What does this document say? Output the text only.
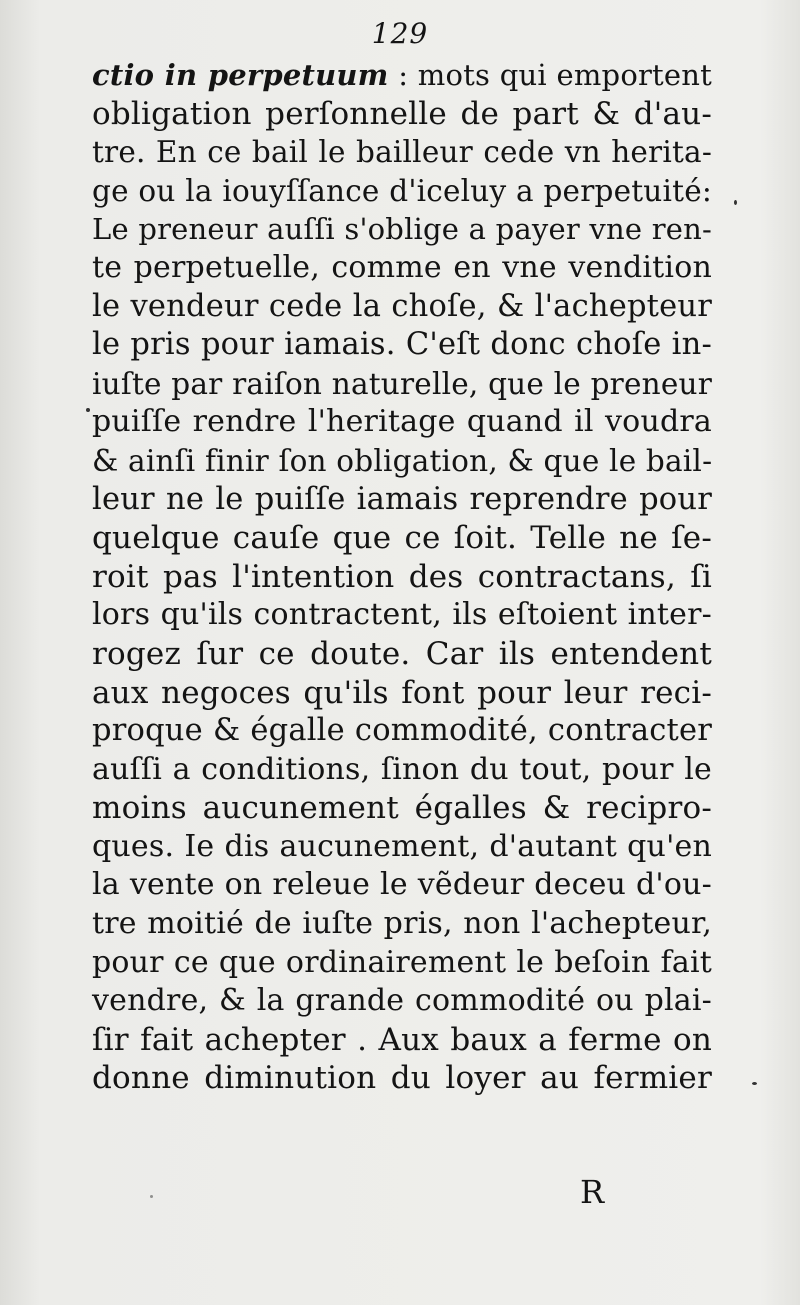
129
ctio in perpetuum : mots qui emportent
obligation perſonnelle de part & d'au-
tre. En ce bail le bailleur cede vn herita-
ge ou la iouyſſance d'iceluy a perpetuité:
Le preneur auſſi s'oblige a payer vne ren-
te perpetuelle, comme en vne vendition
le vendeur cede la choſe, & l'achepteur
le pris pour iamais. C'eſt donc choſe in-
iuſte par raiſon naturelle, que le preneur
puiſſe rendre l'heritage quand il voudra
& ainſi finir ſon obligation, & que le bail-
leur ne le puiſſe iamais reprendre pour
quelque cauſe que ce ſoit. Telle ne ſe-
roit pas l'intention des contractans, ſi
lors qu'ils contractent, ils eſtoient inter-
rogez ſur ce doute. Car ils entendent
aux negoces qu'ils font pour leur reci-
proque & égalle commodité, contracter
auſſi a conditions, ſinon du tout, pour le
moins aucunement égalles & recipro-
ques. Ie dis aucunement, d'autant qu'en
la vente on releue le vẽdeur deceu d'ou-
tre moitié de iuſte pris, non l'achepteur,
pour ce que ordinairement le beſoin fait
vendre, & la grande commodité ou plai-
ſir fait achepter . Aux baux a ferme on
donne diminution du loyer au fermier
R
